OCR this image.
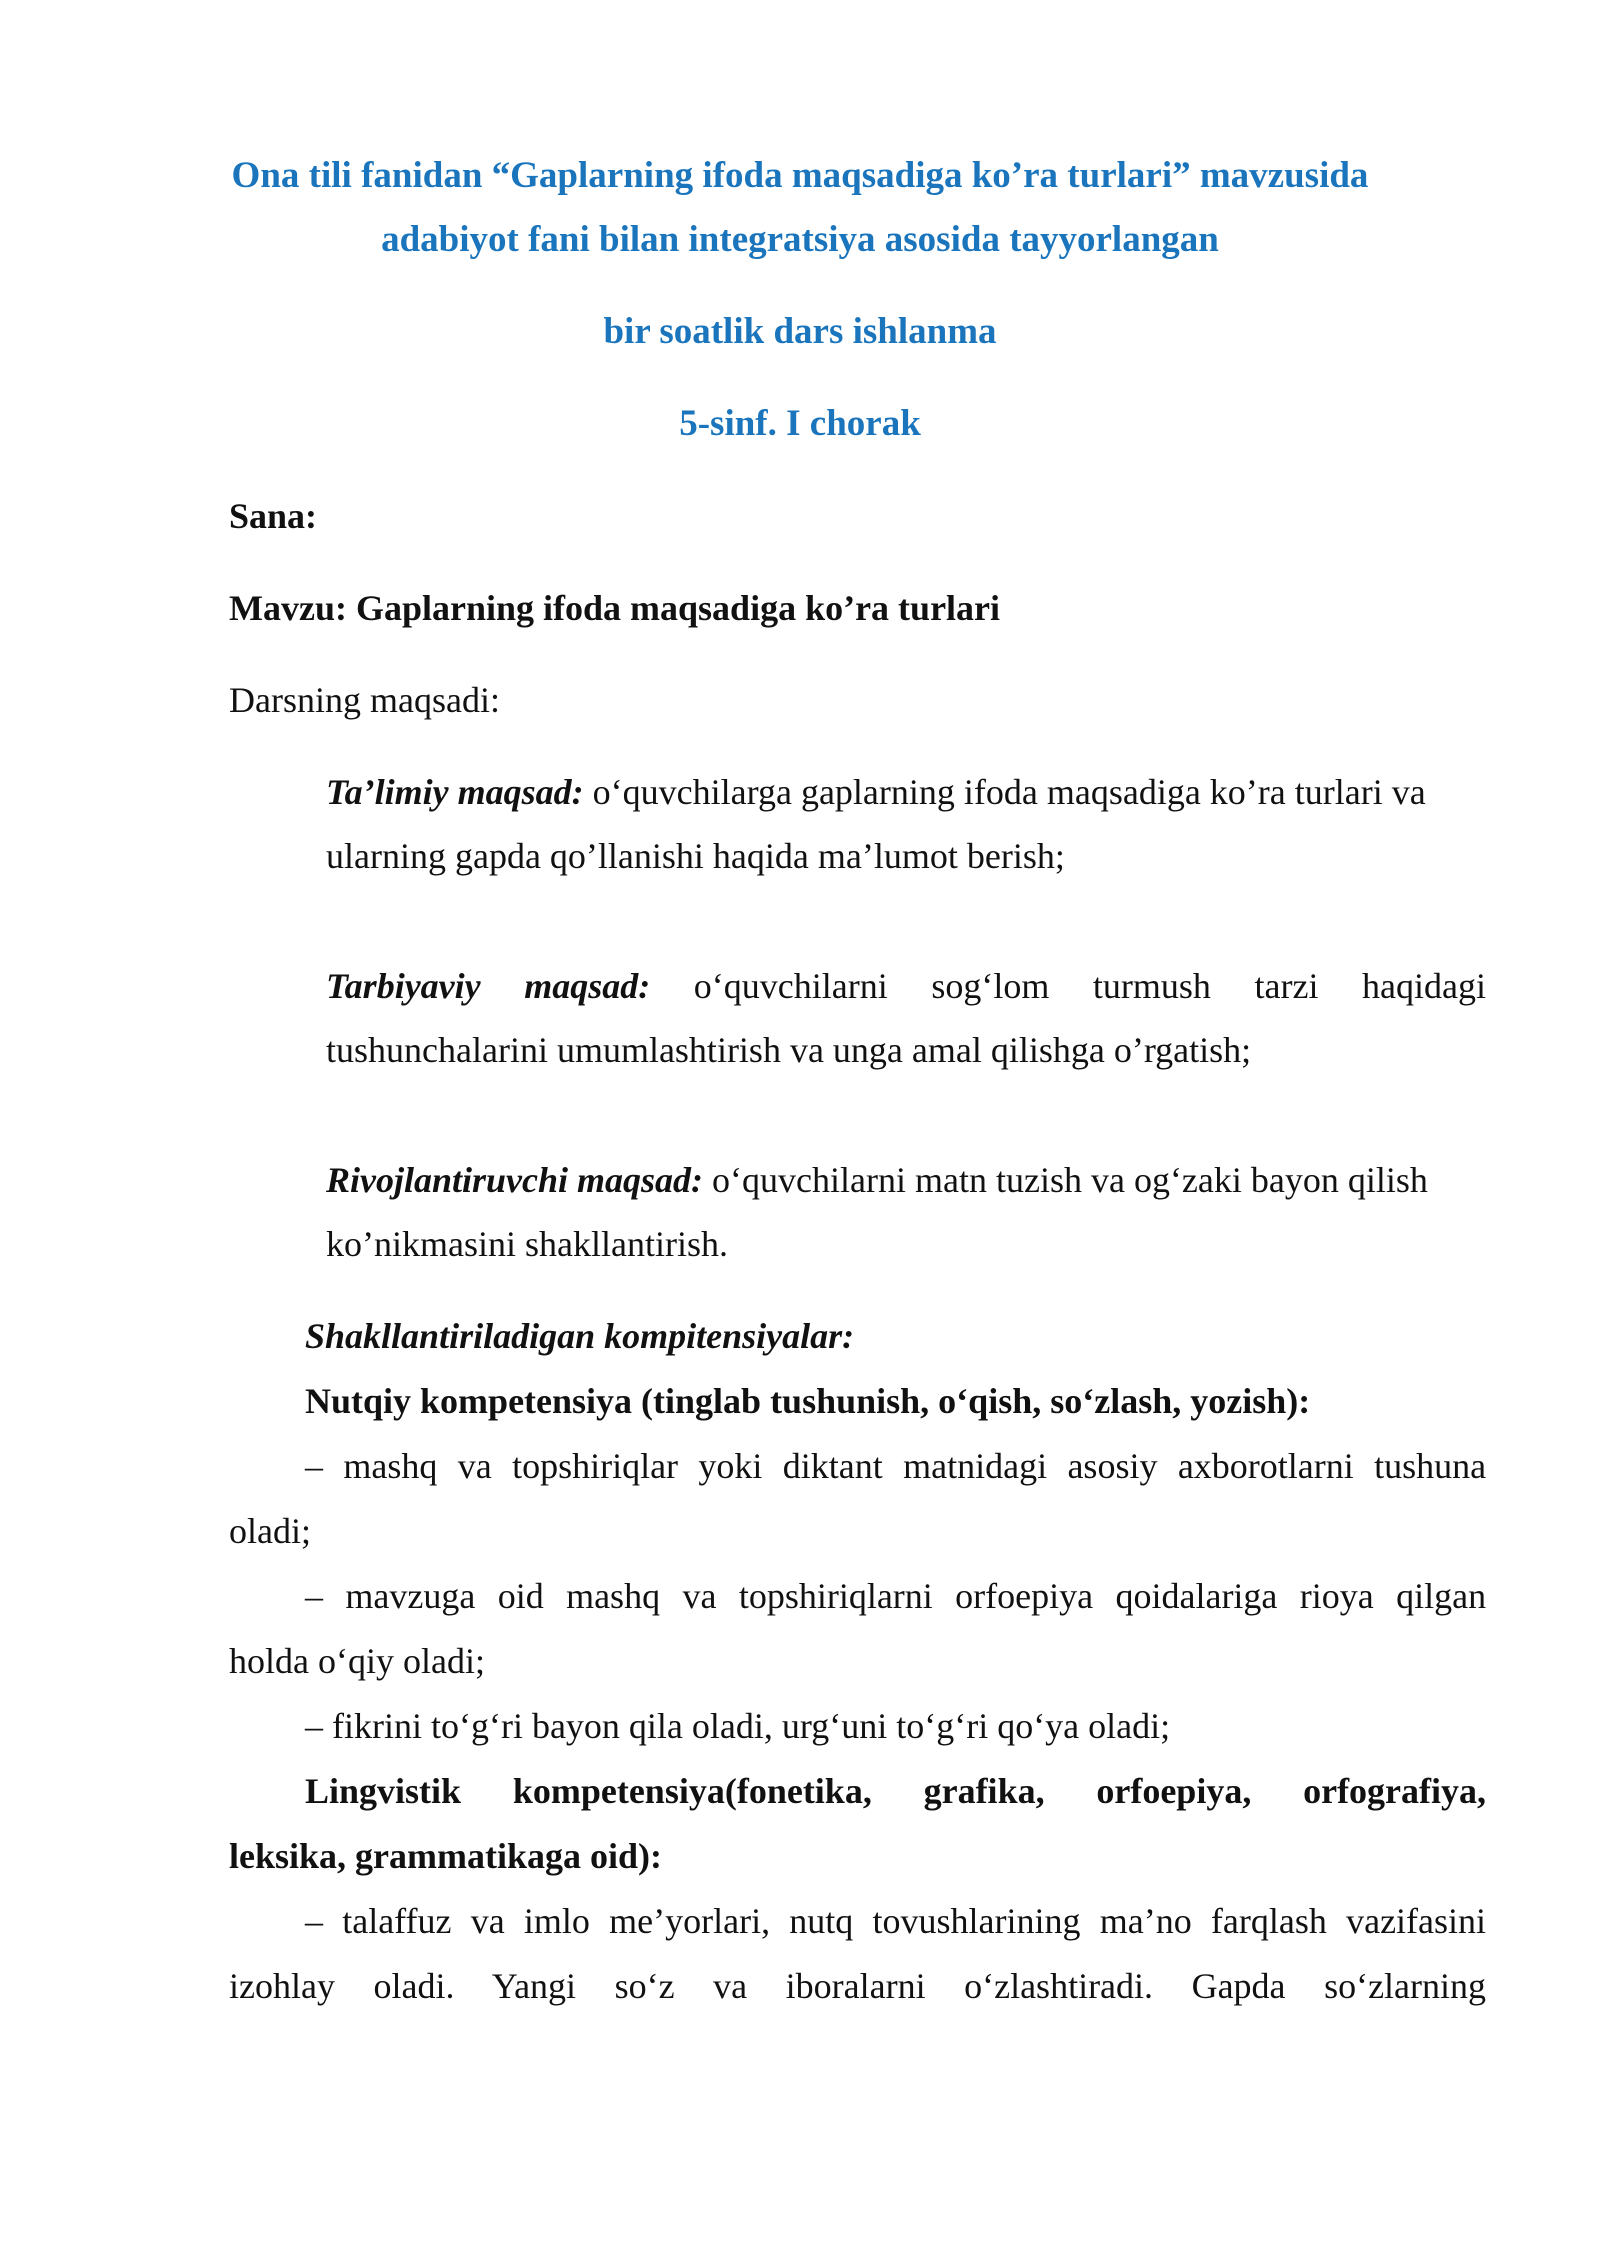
Ona tili fanidan “Gaplarning ifoda maqsadiga ko’ra turlari” mavzusida
adabiyot fani bilan integratsiya asosida tayyorlangan
bir soatlik dars ishlanma
5-sinf. I chorak
Sana:
Mavzu: Gaplarning ifoda maqsadiga ko’ra turlari
Darsning maqsadi:
Ta’limiy maqsad: o‘quvchilarga gaplarning ifoda maqsadiga ko’ra turlari va
ularning gapda qo’llanishi haqida ma’lumot berish;
Tarbiyaviy maqsad: o‘quvchilarni sog‘lom turmush tarzi haqidagi
tushunchalarini umumlashtirish va unga amal qilishga o’rgatish;
Rivojlantiruvchi maqsad: o‘quvchilarni matn tuzish va og‘zaki bayon qilish
ko’nikmasini shakllantirish.
Shakllantiriladigan kompitensiyalar:
Nutqiy kompetensiya (tinglab tushunish, o‘qish, so‘zlash, yozish):
– mashq va topshiriqlar yoki diktant matnidagi asosiy axborotlarni tushuna
oladi;
– mavzuga oid mashq va topshiriqlarni orfoepiya qoidalariga rioya qilgan
holda o‘qiy oladi;
– fikrini to‘g‘ri bayon qila oladi, urg‘uni to‘g‘ri qo‘ya oladi;
Lingvistik kompetensiya(fonetika, grafika, orfoepiya, orfografiya,
leksika, grammatikaga oid):
– talaffuz va imlo me’yorlari, nutq tovushlarining ma’no farqlash vazifasini
izohlay oladi. Yangi so‘z va iboralarni o‘zlashtiradi. Gapda so‘zlarning
